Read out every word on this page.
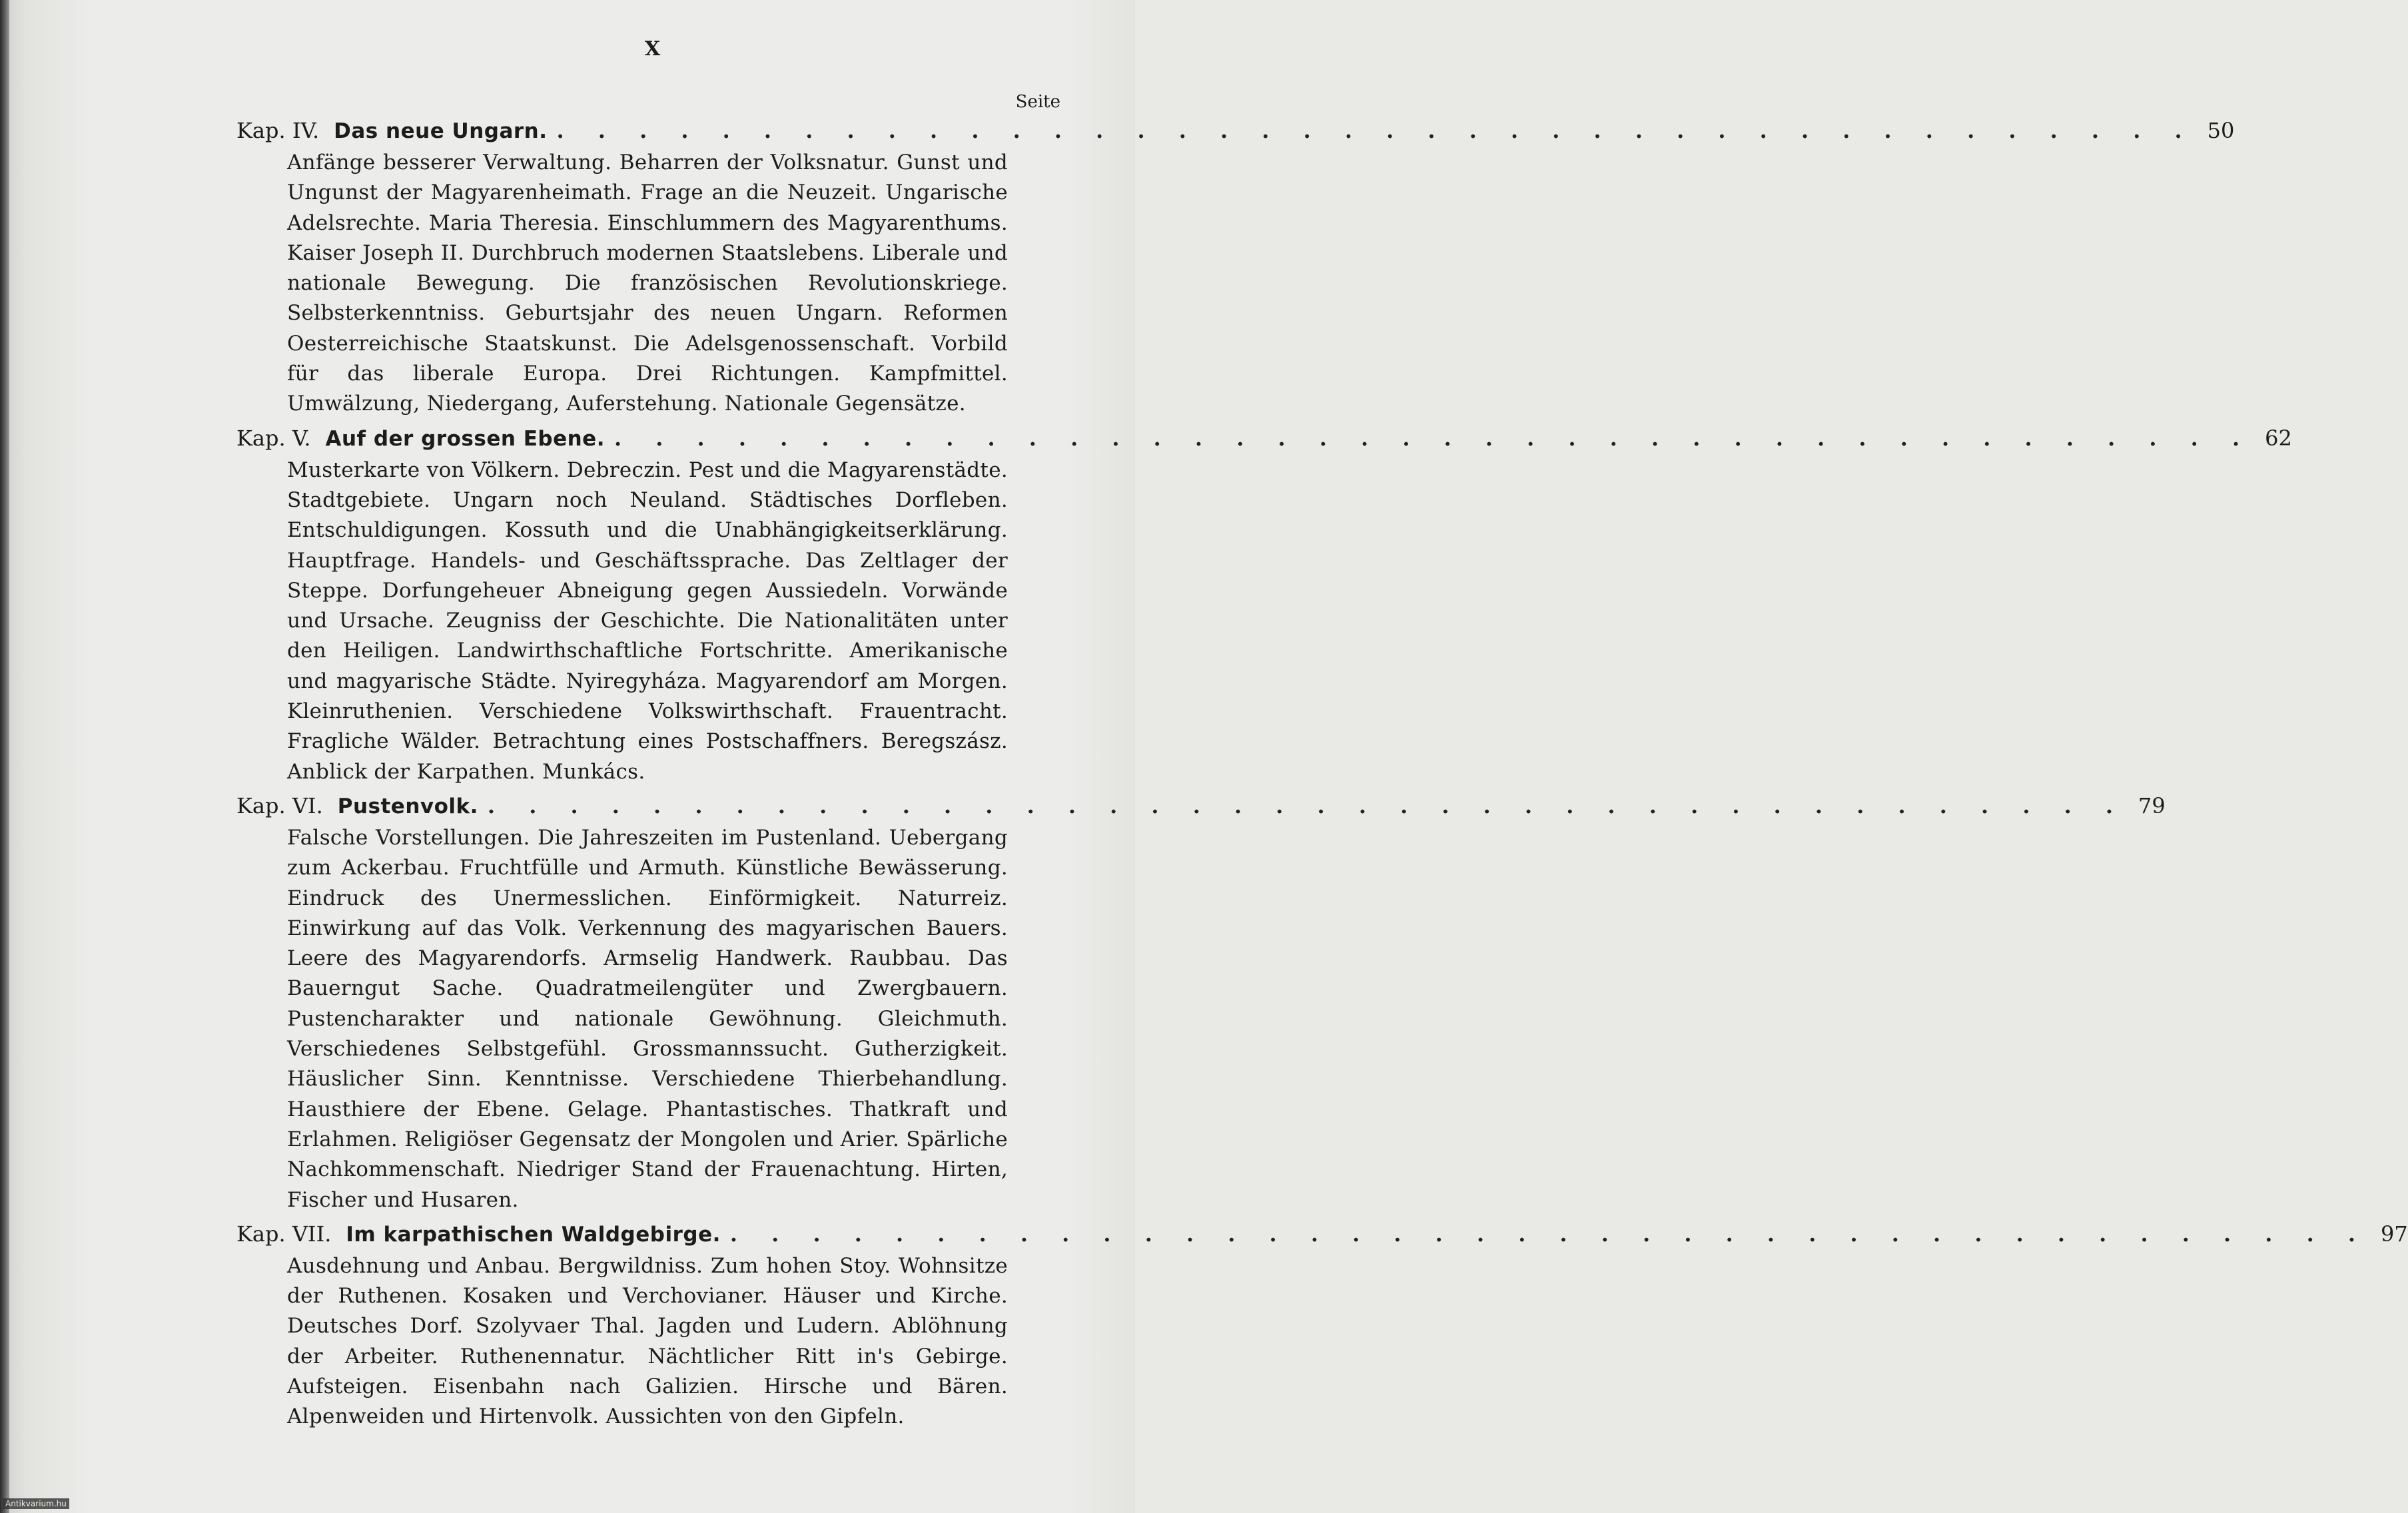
X
Seite
Kap. IV. Das neue Ungarn. . . . . . . . . . . . . . . . . . . . . . . . . . . . . . . . . . . . . . . . . 50
Anfänge besserer Verwaltung. Beharren der Volksnatur. Gunst und Ungunst der Magyarenheimath. Frage an die Neuzeit. Ungarische Adelsrechte. Maria Theresia. Einschlummern des Magyarenthums. Kaiser Joseph II. Durchbruch modernen Staatslebens. Liberale und nationale Bewegung. Die französischen Revolutionskriege. Selbsterkenntniss. Geburtsjahr des neuen Ungarn. Reformen Oesterreichische Staatskunst. Die Adelsgenossenschaft. Vorbild für das liberale Europa. Drei Richtungen. Kampfmittel. Umwälzung, Niedergang, Auferstehung. Nationale Gegensätze.
Kap. V. Auf der grossen Ebene. . . . . . . . . . . . . . . . . . . . . . . . . . . . . . . . . . . . . . . . . 62
Musterkarte von Völkern. Debreczin. Pest und die Magyarenstädte. Stadtgebiete. Ungarn noch Neuland. Städtisches Dorfleben. Entschuldigungen. Kossuth und die Unabhängigkeitserklärung. Hauptfrage. Handels- und Geschäftssprache. Das Zeltlager der Steppe. Dorfungeheuer Abneigung gegen Aussiedeln. Vorwände und Ursache. Zeugniss der Geschichte. Die Nationalitäten unter den Heiligen. Landwirthschaftliche Fortschritte. Amerikanische und magyarische Städte. Nyiregyháza. Magyarendorf am Morgen. Kleinruthenien. Verschiedene Volkswirthschaft. Frauentracht. Fragliche Wälder. Betrachtung eines Postschaffners. Beregszász. Anblick der Karpathen. Munkács.
Kap. VI. Pustenvolk. . . . . . . . . . . . . . . . . . . . . . . . . . . . . . . . . . . . . . . . . 79
Falsche Vorstellungen. Die Jahreszeiten im Pustenland. Uebergang zum Ackerbau. Fruchtfülle und Armuth. Künstliche Bewässerung. Eindruck des Unermesslichen. Einförmigkeit. Naturreiz. Einwirkung auf das Volk. Verkennung des magyarischen Bauers. Leere des Magyarendorfs. Armselig Handwerk. Raubbau. Das Bauerngut Sache. Quadratmeilengüter und Zwergbauern. Pustencharakter und nationale Gewöhnung. Gleichmuth. Verschiedenes Selbstgefühl. Grossmannssucht. Gutherzigkeit. Häuslicher Sinn. Kenntnisse. Verschiedene Thierbehandlung. Hausthiere der Ebene. Gelage. Phantastisches. Thatkraft und Erlahmen. Religiöser Gegensatz der Mongolen und Arier. Spärliche Nachkommenschaft. Niedriger Stand der Frauenachtung. Hirten, Fischer und Husaren.
Kap. VII. Im karpathischen Waldgebirge. . . . . . . . . . . . . . . . . . . . . . . . . . . . . . . . . . . . . . . . . 97
Ausdehnung und Anbau. Bergwildniss. Zum hohen Stoy. Wohnsitze der Ruthenen. Kosaken und Verchovianer. Häuser und Kirche. Deutsches Dorf. Szolyvaer Thal. Jagden und Ludern. Ablöhnung der Arbeiter. Ruthenennatur. Nächtlicher Ritt in's Gebirge. Aufsteigen. Eisenbahn nach Galizien. Hirsche und Bären. Alpenweiden und Hirtenvolk. Aussichten von den Gipfeln.
Antikvarium.hu
